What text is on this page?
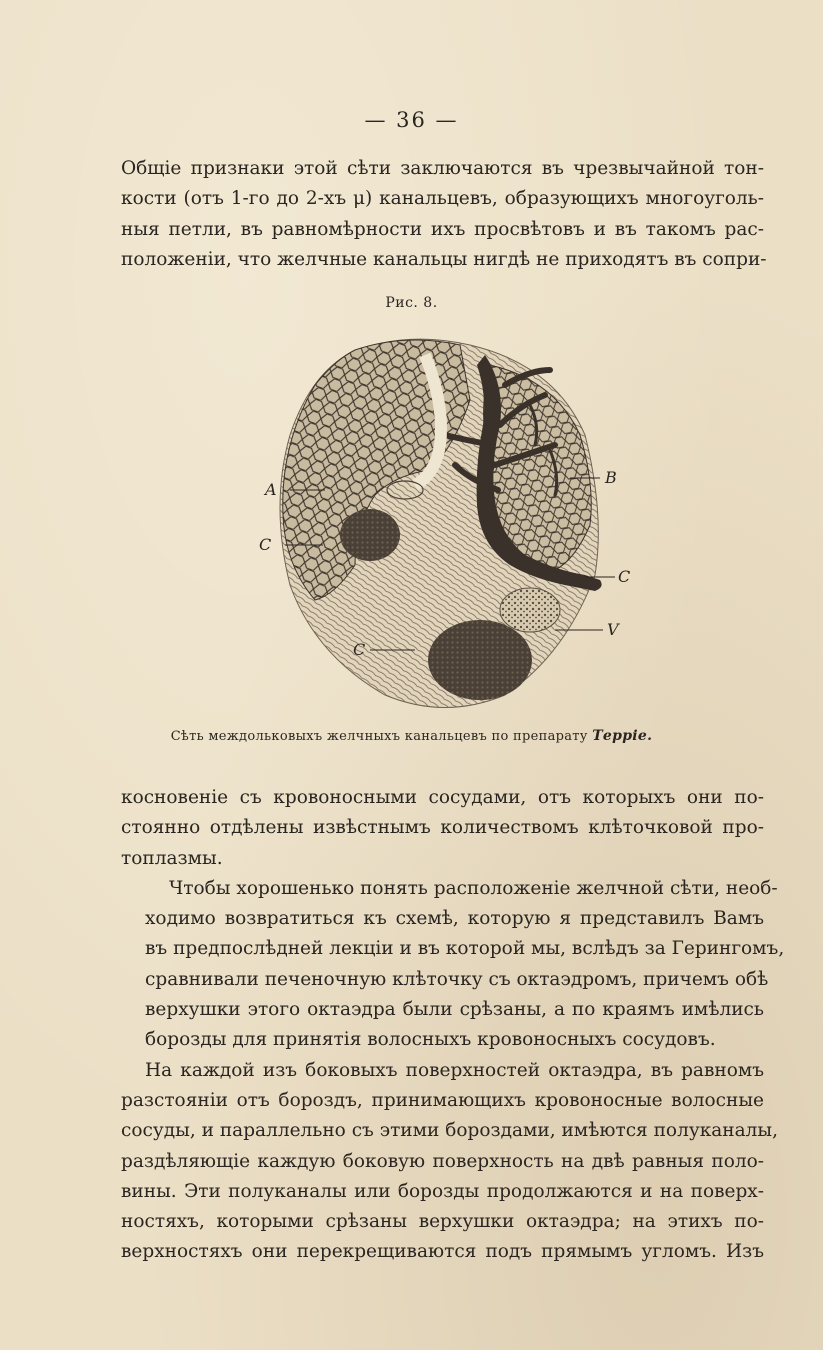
— 36 —

Общіе признаки этой сѣти заключаются въ чрезвычайной тон-
кости (отъ 1-го до 2-хъ μ) канальцевъ, образующихъ многоуголь-
ныя петли, въ равномѣрности ихъ просвѣтовъ и въ такомъ рас-
положеніи, что желчные канальцы нигдѣ не приходятъ въ сопри-

Рис. 8.
A
C
B
C
V
C
Сѣть междольковыхъ желчныхъ канальцевъ по препарату Террie.

косновеніе съ кровоносными сосудами, отъ которыхъ они по-
стоянно отдѣлены извѣстнымъ количествомъ клѣточковой про-
топлазмы.

Чтобы хорошенько понять расположеніе желчной сѣти, необ-
ходимо возвратиться къ схемѣ, которую я представилъ Вамъ
въ предпослѣдней лекціи и въ которой мы, вслѣдъ за Герингомъ,
сравнивали печеночную клѣточку съ октаэдромъ, причемъ обѣ
верхушки этого октаэдра были срѣзаны, а по краямъ имѣлись
борозды для принятія волосныхъ кровоносныхъ сосудовъ.

На каждой изъ боковыхъ поверхностей октаэдра, въ равномъ
разстояніи отъ бороздъ, принимающихъ кровоносные волосные
сосуды, и параллельно съ этими бороздами, имѣются полуканалы,
раздѣляющіе каждую боковую поверхность на двѣ равныя поло-
вины. Эти полуканалы или борозды продолжаются и на поверх-
ностяхъ, которыми срѣзаны верхушки октаэдра; на этихъ по-
верхностяхъ они перекрещиваются подъ прямымъ угломъ. Изъ
